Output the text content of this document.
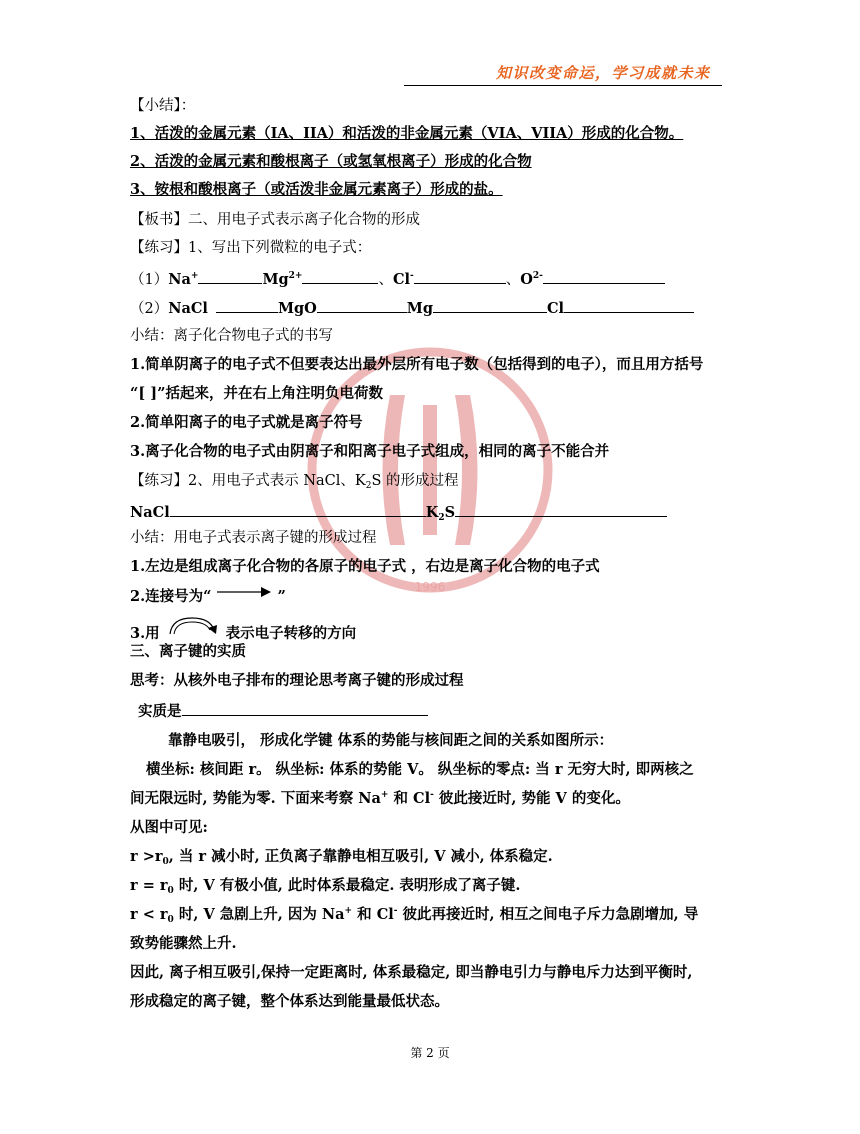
知识改变命运，学习成就未来
1996
【小结】：
1、活泼的金属元素（IA、IIA）和活泼的非金属元素（VIA、VIIA）形成的化合物。
2、活泼的金属元素和酸根离子（或氢氧根离子）形成的化合物
3、铵根和酸根离子（或活泼非金属元素离子）形成的盐。
【板书】二、用电子式表示离子化合物的形成
【练习】1、写出下列微粒的电子式：
（1）Na+	$Mg^{2+}$	、Cl-	、$O^{2-}$
（2）NaCl	MgO	Mg	Cl
小结：离子化合物电子式的书写
1.简单阴离子的电子式不但要表达出最外层所有电子数（包括得到的电子），而且用方括号
“[ ]”括起来，并在右上角注明负电荷数
2.简单阳离子的电子式就是离子符号
3.离子化合物的电子式由阴离子和阳离子电子式组成，相同的离子不能合并
【练习】2、用电子式表示 NaCl、$K_2S$ 的形成过程
NaCl	$K_2S$
小结：用电子式表示离子键的形成过程
1.左边是组成离子化合物的各原子的电子式 ，右边是离子化合物的电子式
2.连接号为“	”
3.用	表示电子转移的方向
三、离子键的实质
思考：从核外电子排布的理论思考离子键的形成过程
实质是
靠静电吸引， 形成化学键 体系的势能与核间距之间的关系如图所示：
横坐标: 核间距 r。 纵坐标: 体系的势能 V。 纵坐标的零点: 当 r 无穷大时, 即两核之
间无限远时, 势能为零. 下面来考察 Na+ 和 Cl- 彼此接近时, 势能 V 的变化。
从图中可见:
$r >r_0$, 当 r 减小时, 正负离子靠静电相互吸引, V 减小, 体系稳定.
$r = r_0$ 时, V 有极小值, 此时体系最稳定. 表明形成了离子键.
$r < r_0$ 时, V 急剧上升, 因为 Na+ 和 Cl- 彼此再接近时, 相互之间电子斥力急剧增加, 导
致势能骤然上升.
因此, 离子相互吸引,保持一定距离时, 体系最稳定, 即当静电引力与静电斥力达到平衡时,
形成稳定的离子键，整个体系达到能量最低状态。
第 2 页
